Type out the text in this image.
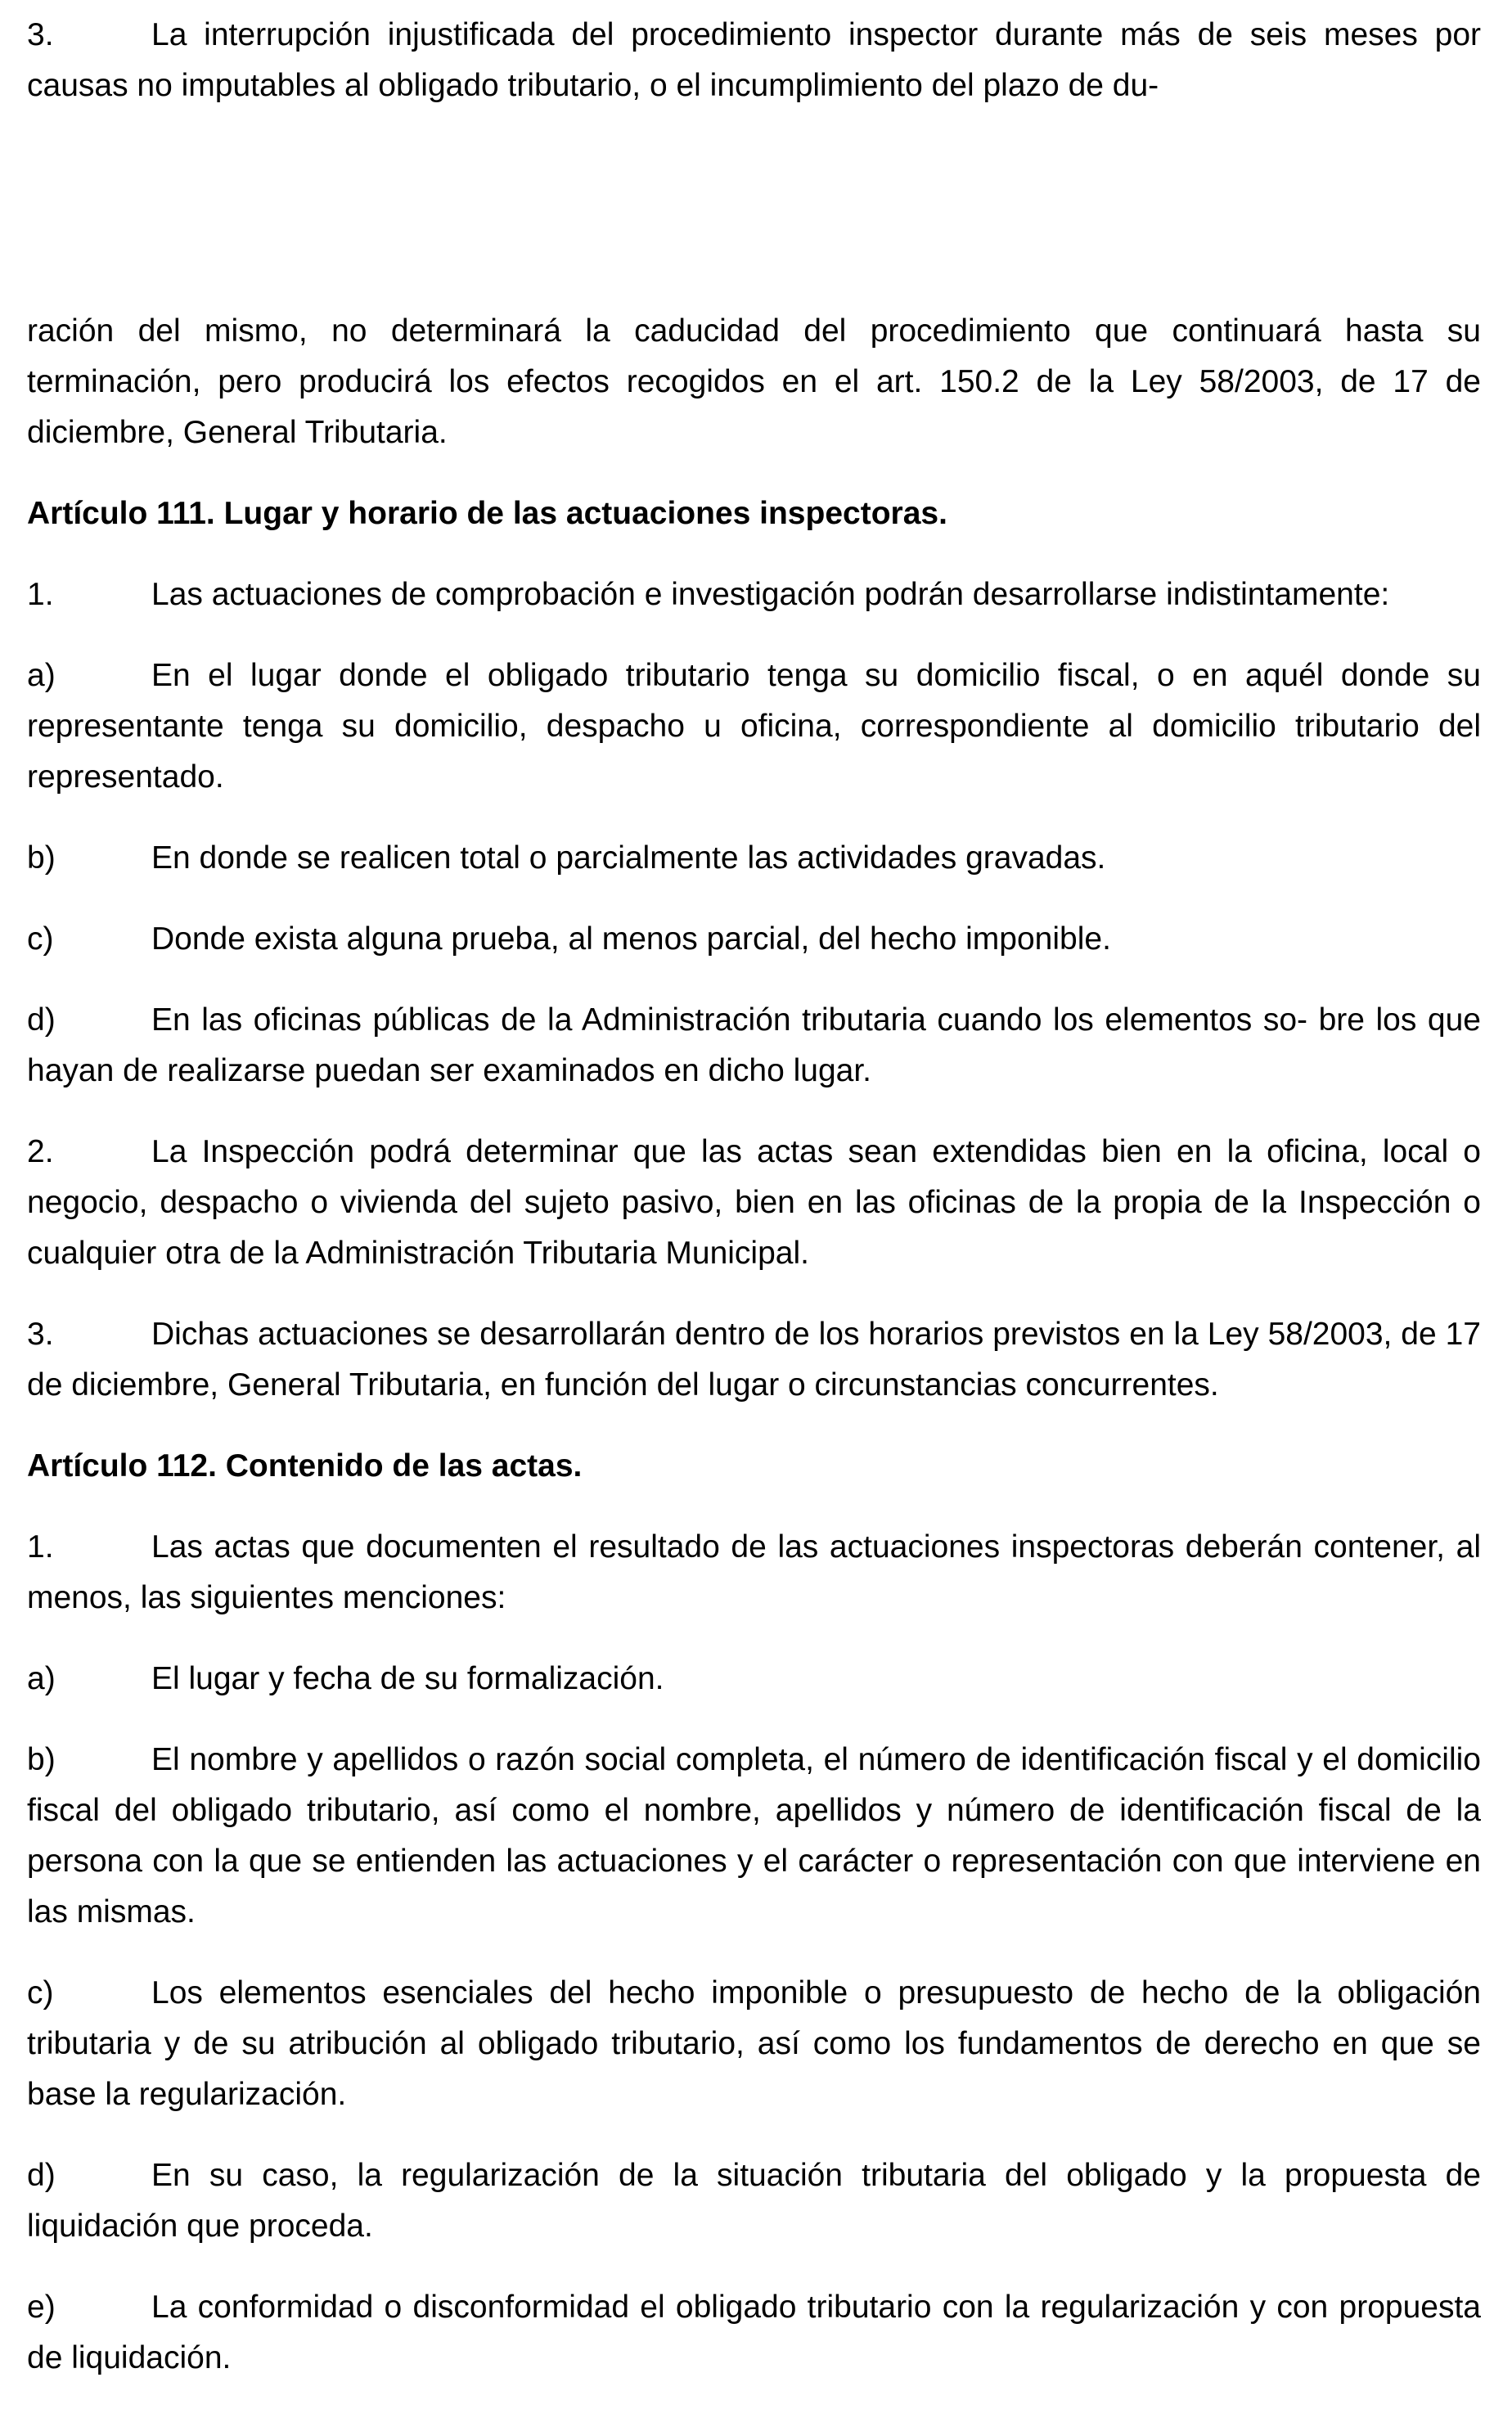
3.	La interrupción injustificada del procedimiento inspector durante más de seis meses por causas no imputables al obligado tributario, o el incumplimiento del plazo de du-

ración del mismo, no determinará la caducidad del procedimiento que continuará hasta su terminación, pero producirá los efectos recogidos en el art. 150.2 de la Ley 58/2003, de 17 de diciembre, General Tributaria.

Artículo 111. Lugar y horario de las actuaciones inspectoras.

1.	Las actuaciones de comprobación e investigación podrán desarrollarse indistintamente:

a)	En el lugar donde el obligado tributario tenga su domicilio fiscal, o en aquél donde su representante tenga su domicilio, despacho u oficina, correspondiente al domicilio tributario del representado.

b)	En donde se realicen total o parcialmente las actividades gravadas.

c)	Donde exista alguna prueba, al menos parcial, del hecho imponible.

d)	En las oficinas públicas de la Administración tributaria cuando los elementos so- bre los que hayan de realizarse puedan ser examinados en dicho lugar.

2.	La Inspección podrá determinar que las actas sean extendidas bien en la oficina, local o negocio, despacho o vivienda del sujeto pasivo, bien en las oficinas de la propia de la Inspección o cualquier otra de la Administración Tributaria Municipal.

3.	Dichas actuaciones se desarrollarán dentro de los horarios previstos en la Ley 58/2003, de 17 de diciembre, General Tributaria, en función del lugar o circunstancias concurrentes.

Artículo 112. Contenido de las actas.

1.	Las actas que documenten el resultado de las actuaciones inspectoras deberán contener, al menos, las siguientes menciones:

a)	El lugar y fecha de su formalización.

b)	El nombre y apellidos o razón social completa, el número de identificación fiscal y el domicilio fiscal del obligado tributario, así como el nombre, apellidos y número de identificación fiscal de la persona con la que se entienden las actuaciones y el carácter o representación con que interviene en las mismas.

c)	Los elementos esenciales del hecho imponible o presupuesto de hecho de la obligación tributaria y de su atribución al obligado tributario, así como los fundamentos de derecho en que se base la regularización.

d)	En su caso, la regularización de la situación tributaria del obligado y la propuesta de liquidación que proceda.

e)	La conformidad o disconformidad el obligado tributario con la regularización y con propuesta de liquidación.
